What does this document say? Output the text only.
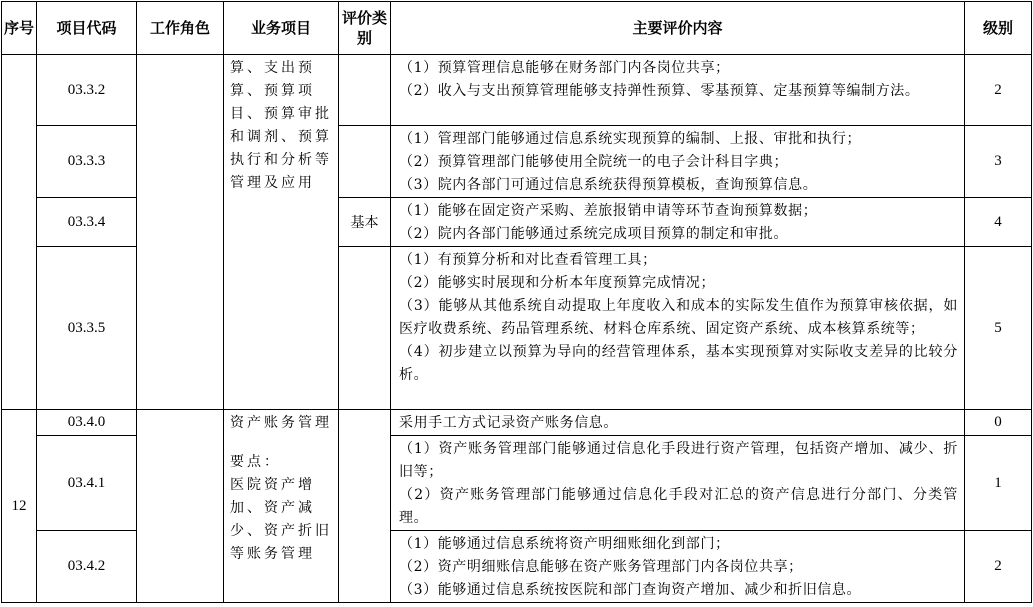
序号	项目代码	工作角色	业务项目	评价类别	主要评价内容	级别
	03.3.2		算、支出预算、预算项目、预算审批和调剂、预算执行和分析等管理及应用		（1）预算管理信息能够在财务部门内各岗位共享；
（2）收入与支出预算管理能够支持弹性预算、零基预算、定基预算等编制方法。	2
	03.3.3				（1）管理部门能够通过信息系统实现预算的编制、上报、审批和执行；
（2）预算管理部门能够使用全院统一的电子会计科目字典；
（3）院内各部门可通过信息系统获得预算模板，查询预算信息。	3
	03.3.4			基本	（1）能够在固定资产采购、差旅报销申请等环节查询预算数据；
（2）院内各部门能够通过系统完成项目预算的制定和审批。	4
	03.3.5				（1）有预算分析和对比查看管理工具；
（2）能够实时展现和分析本年度预算完成情况；
（3）能够从其他系统自动提取上年度收入和成本的实际发生值作为预算审核依据，如医疗收费系统、药品管理系统、材料仓库系统、固定资产系统、成本核算系统等；
（4）初步建立以预算为导向的经营管理体系，基本实现预算对实际收支差异的比较分析。	5
12	03.4.0		资产账务管理
要点：
医院资产增加、资产减少、资产折旧等账务管理		采用手工方式记录资产账务信息。	0
	03.4.1				（1）资产账务管理部门能够通过信息化手段进行资产管理，包括资产增加、减少、折旧等；
（2）资产账务管理部门能够通过信息化手段对汇总的资产信息进行分部门、分类管理。	1
	03.4.2				（1）能够通过信息系统将资产明细账细化到部门；
（2）资产明细账信息能够在资产账务管理部门内各岗位共享；
（3）能够通过信息系统按医院和部门查询资产增加、减少和折旧信息。	2
